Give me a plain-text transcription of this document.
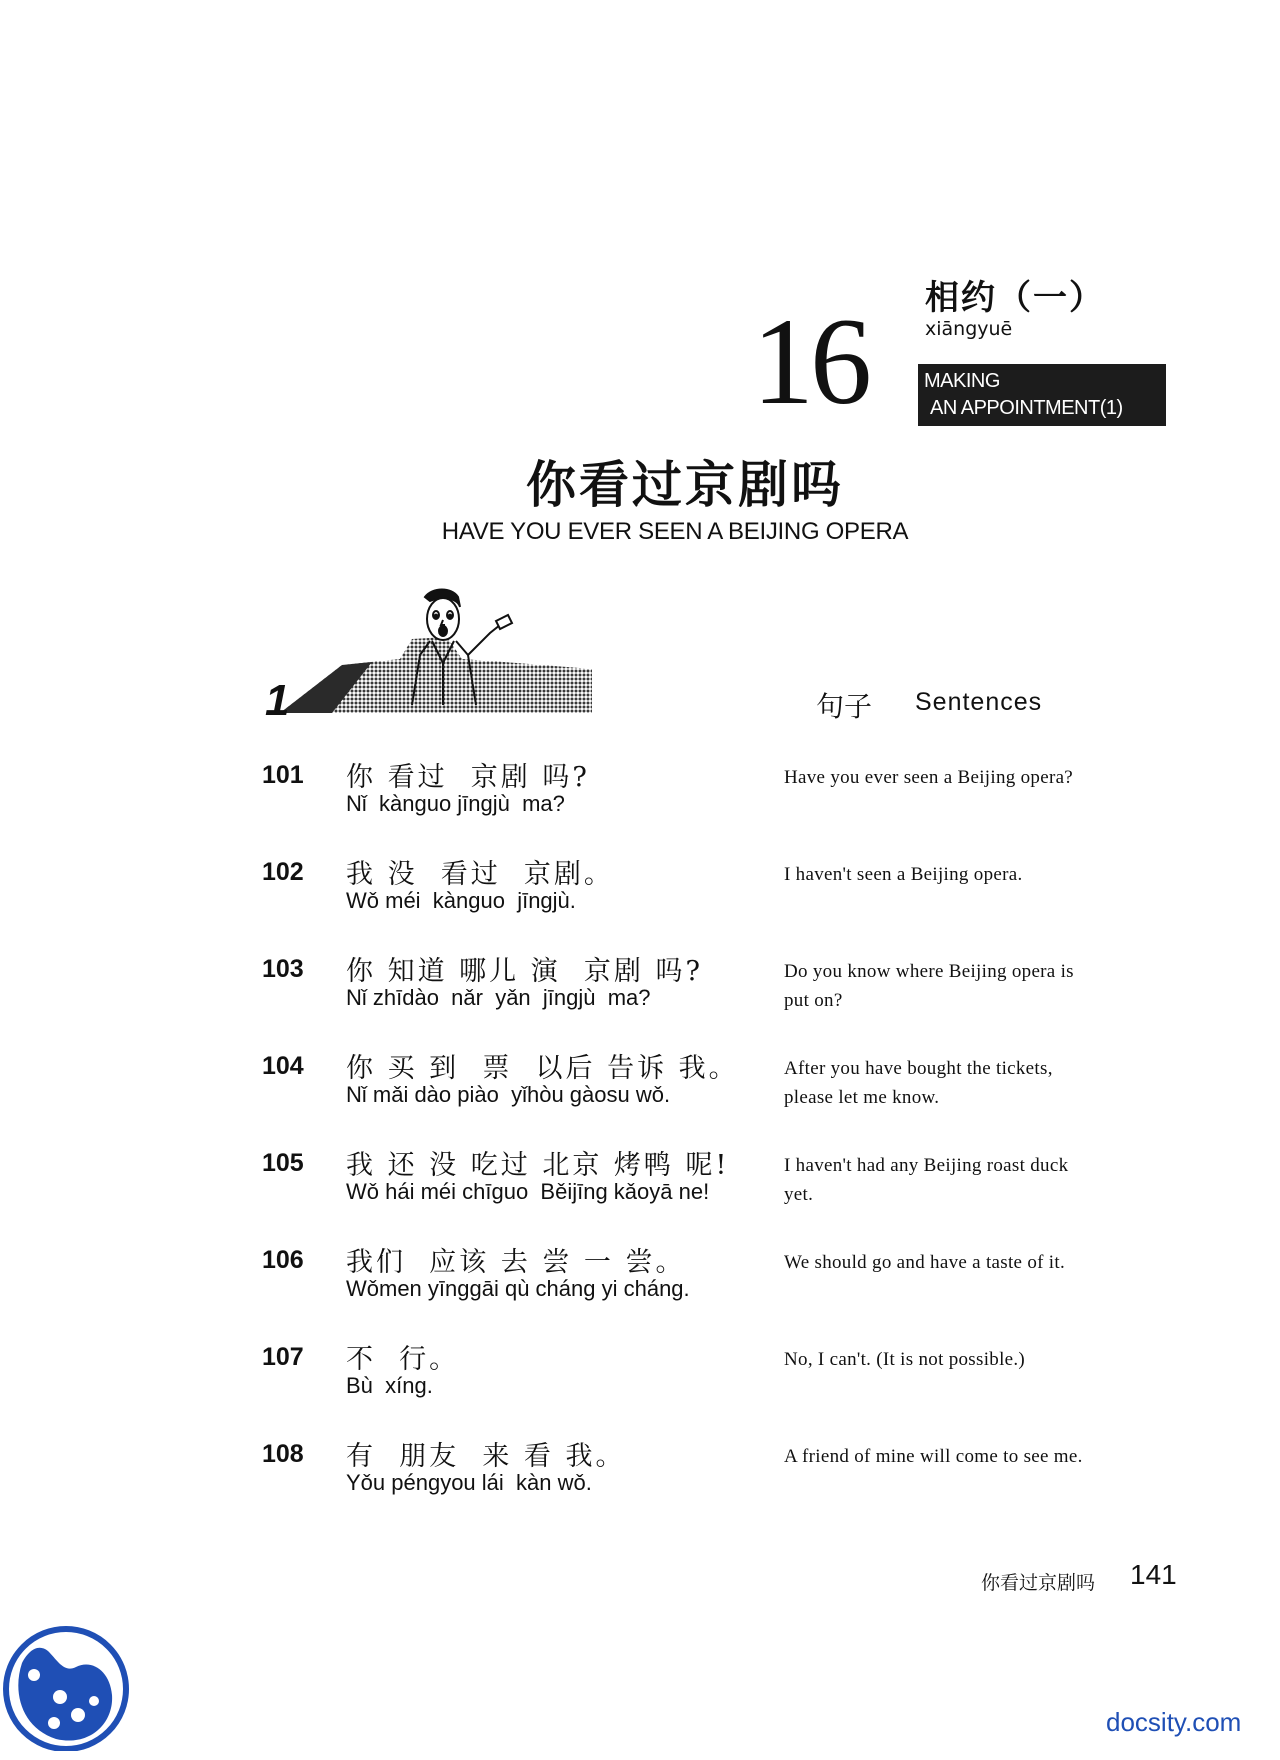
相约（一）
xiāngyuē
16	MAKING
AN APPOINTMENT(1)
你看过京剧吗
HAVE YOU EVER SEEN A BEIJING OPERA
1	句子 Sentences
101 你 看过  京剧 吗?
Nǐ  kànguo jīngjù  ma?
Have you ever seen a Beijing opera?
102 我 没  看过  京剧。
Wǒ méi  kànguo  jīngjù.
I haven't seen a Beijing opera.
103 你 知道 哪儿 演  京剧 吗?
Nǐ zhīdào  nǎr  yǎn  jīngjù  ma?
Do you know where Beijing opera is put on?
104 你 买 到  票  以后 告诉 我。
Nǐ mǎi dào piào  yǐhòu gàosu wǒ.
After you have bought the tickets, please let me know.
105 我 还 没 吃过 北京 烤鸭 呢!
Wǒ hái méi chīguo  Běijīng kǎoyā ne!
I haven't had any Beijing roast duck yet.
106 我们  应该 去 尝 一 尝。
Wǒmen yīnggāi qù cháng yi cháng.
We should go and have a taste of it.
107 不  行。
Bù  xíng.
No, I can't. (It is not possible.)
108 有  朋友  来 看 我。
Yǒu péngyou lái  kàn wǒ.
A friend of mine will come to see me.
你看过京剧吗 141
docsity.com
